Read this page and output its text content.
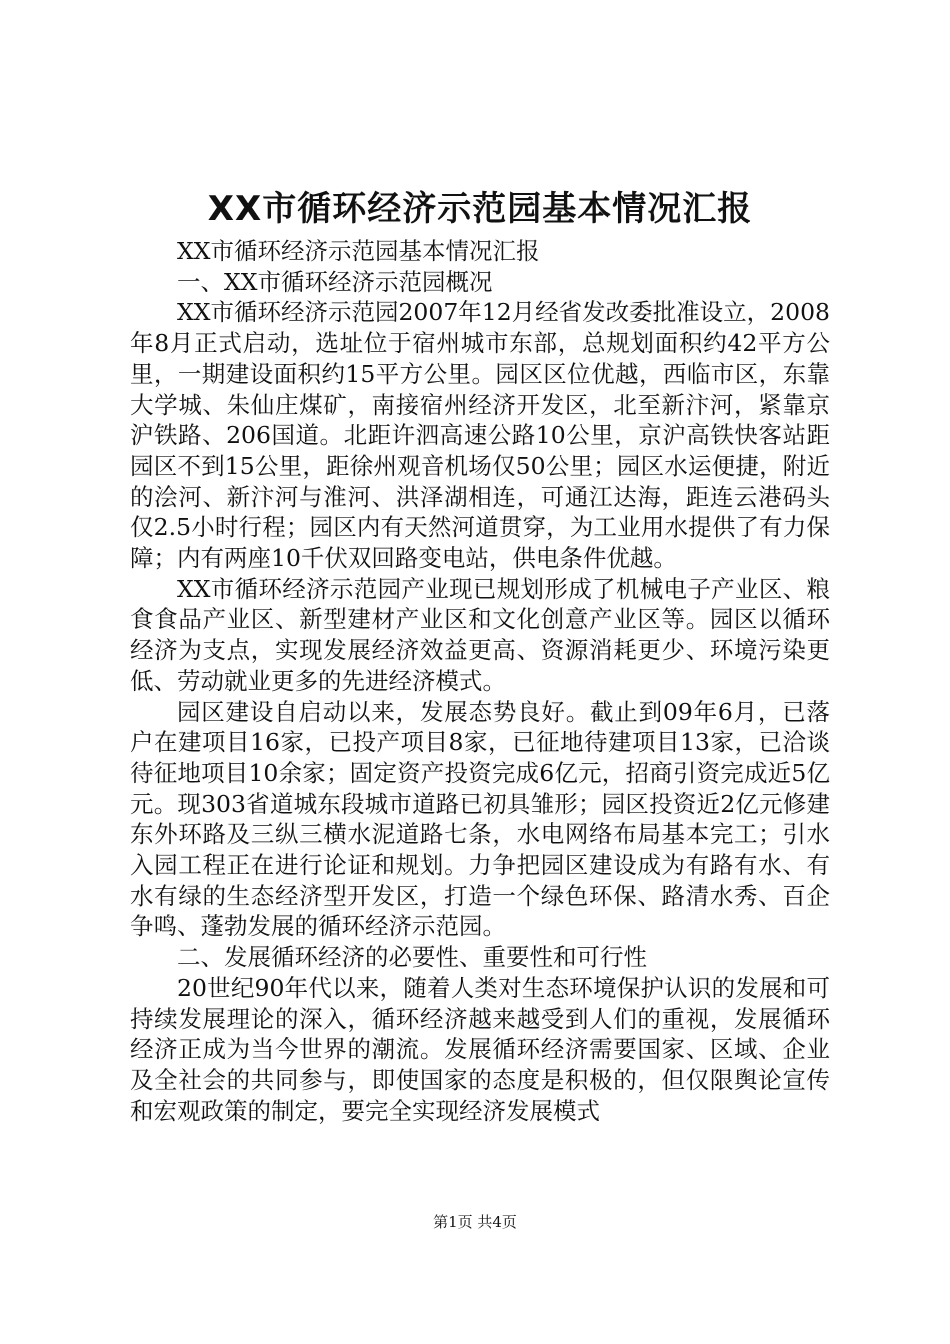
XX市循环经济示范园基本情况汇报

XX市循环经济示范园基本情况汇报

一、XX市循环经济示范园概况

XX市循环经济示范园2007年12月经省发改委批准设立，2008年8月正式启动，选址位于宿州城市东部，总规划面积约42平方公里，一期建设面积约15平方公里。园区区位优越，西临市区，东靠大学城、朱仙庄煤矿，南接宿州经济开发区，北至新汴河，紧靠京沪铁路、206国道。北距许泗高速公路10公里，京沪高铁快客站距园区不到15公里，距徐州观音机场仅50公里；园区水运便捷，附近的浍河、新汴河与淮河、洪泽湖相连，可通江达海，距连云港码头仅2.5小时行程；园区内有天然河道贯穿，为工业用水提供了有力保障；内有两座10千伏双回路变电站，供电条件优越。

XX市循环经济示范园产业现已规划形成了机械电子产业区、粮食食品产业区、新型建材产业区和文化创意产业区等。园区以循环经济为支点，实现发展经济效益更高、资源消耗更少、环境污染更低、劳动就业更多的先进经济模式。

园区建设自启动以来，发展态势良好。截止到09年6月，已落户在建项目16家，已投产项目8家，已征地待建项目13家，已洽谈待征地项目10余家；固定资产投资完成6亿元，招商引资完成近5亿元。现303省道城东段城市道路已初具雏形；园区投资近2亿元修建东外环路及三纵三横水泥道路七条，水电网络布局基本完工；引水入园工程正在进行论证和规划。力争把园区建设成为有路有水、有水有绿的生态经济型开发区，打造一个绿色环保、路清水秀、百企争鸣、蓬勃发展的循环经济示范园。

二、发展循环经济的必要性、重要性和可行性

20世纪90年代以来，随着人类对生态环境保护认识的发展和可持续发展理论的深入，循环经济越来越受到人们的重视，发展循环经济正成为当今世界的潮流。发展循环经济需要国家、区域、企业及全社会的共同参与，即使国家的态度是积极的，但仅限舆论宣传和宏观政策的制定，要完全实现经济发展模式

第1页 共4页
